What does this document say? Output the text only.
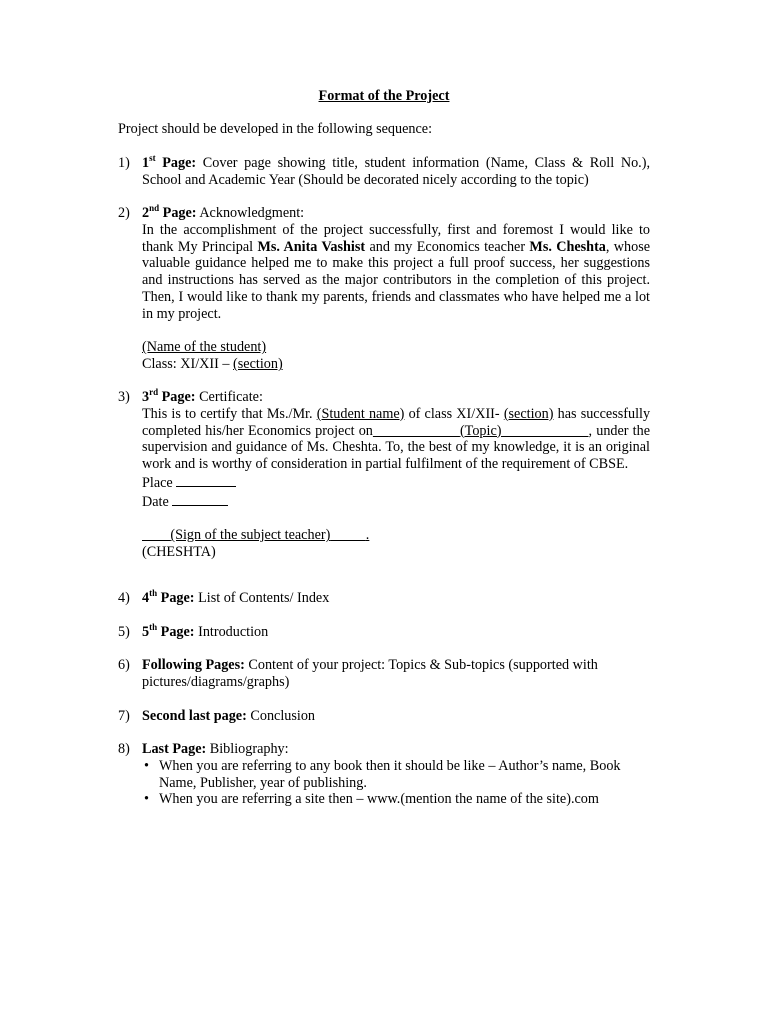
Format of the Project
Project should be developed in the following sequence:
1) 1st Page: Cover page showing title, student information (Name, Class & Roll No.), School and Academic Year (Should be decorated nicely according to the topic)

2) 2nd Page: Acknowledgment:

In the accomplishment of the project successfully, first and foremost I would like to thank My Principal Ms. Anita Vashist and my Economics teacher Ms. Cheshta, whose valuable guidance helped me to make this project a full proof success, her suggestions and instructions has served as the major contributors in the completion of this project. Then, I would like to thank my parents, friends and classmates who have helped me a lot in my project.

(Name of the student)

Class: XI/XII – (section)

3) 3rd Page: Certificate:

This is to certify that Ms./Mr. (Student name) of class XI/XII- (section) has successfully completed his/her Economics project on	(Topic)	, under the supervision and guidance of Ms. Cheshta. To, the best of my knowledge, it is an original work and is worthy of consideration in partial fulfilment of the requirement of CBSE.

Place

Date

(Sign of the subject teacher) .

(CHESHTA)

4) 4th Page: List of Contents/ Index

5) 5th Page: Introduction

6) Following Pages: Content of your project: Topics & Sub-topics (supported with pictures/diagrams/graphs)

7) Second last page: Conclusion

8) Last Page: Bibliography:

• When you are referring to any book then it should be like – Author’s name, Book Name, Publisher, year of publishing.
• When you are referring a site then – www.(mention the name of the site).com
